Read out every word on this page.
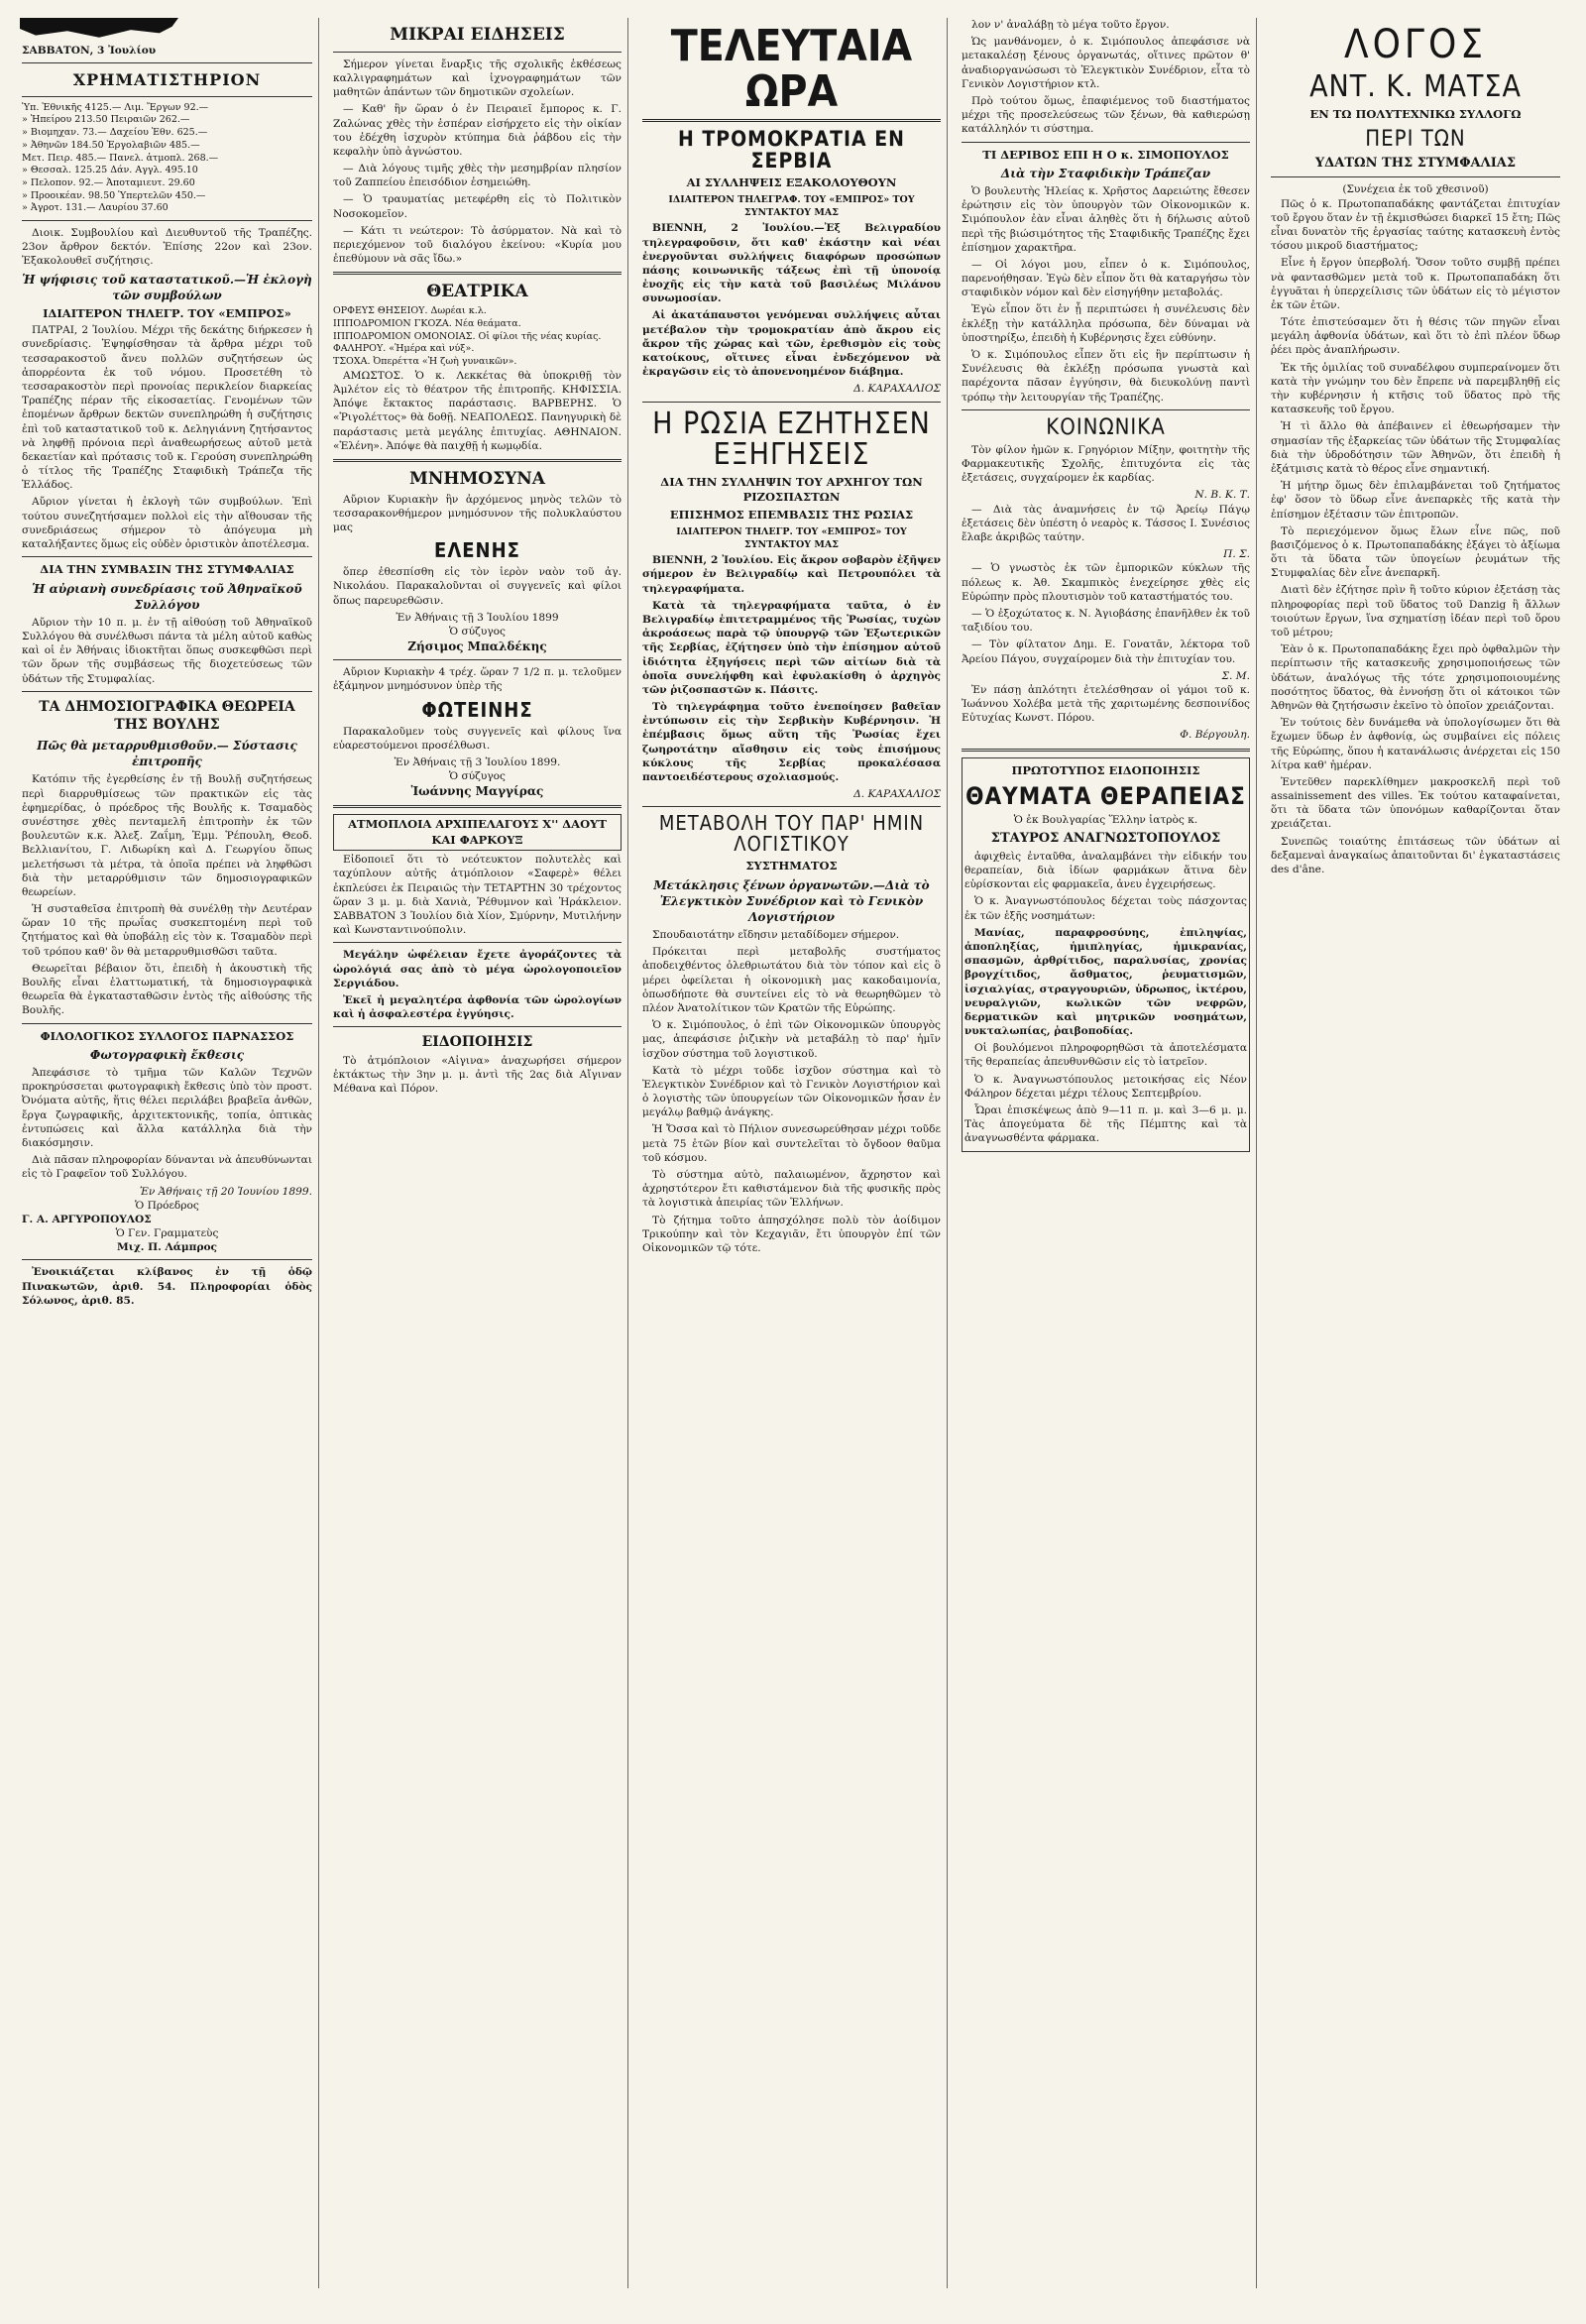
ΣΑΒΒΑΤΟΝ, 3 Ἰουλίου
ΧΡΗΜΑΤΙΣΤΗΡΙΟΝ
Ὑπ. Ἐθνικῆς 4125.— Λιμ. Ἔργων 92.—
» Ἠπείρου 213.50 Πειραιῶν 262.—
» Βιομηχαν. 73.— Δαχείου Ἐθν. 625.—
» Ἀθηνῶν 184.50 Ἐργολαβιῶν 485.—
Μετ. Πειρ. 485.— Πανελ. ἀτμοπλ. 268.—
» Θεσσαλ. 125.25 Δάν. Αγγλ. 495.10
» Πελοπον. 92.— Ἀποταμιευτ. 29.60
» Προοικέαν. 98.50 Ὑπερτελῶν 450.—
» Ἀγροτ. 131.— Λαυρίου 37.60

Διοικ. Συμβουλίου καὶ Διευθυντοῦ τῆς Τραπέζης. 23ον ἄρθρον δεκτόν. Ἐπίσης 22ον καὶ 23ον. Ἐξακολουθεῖ συζήτησις.

Ἡ ψήφισις τοῦ καταστατικοῦ.—Ἡ ἐκλογὴ τῶν συμβούλων
ΙΔΙΑΙΤΕΡΟΝ ΤΗΛΕΓΡ. ΤΟΥ «ΕΜΠΡΟΣ»

ΠΑΤΡΑΙ, 2 Ἰουλίου. Μέχρι τῆς δεκάτης διήρκεσεν ἡ συνεδρίασις. Ἐψηφίσθησαν τὰ ἄρθρα μέχρι τοῦ τεσσαρακοστοῦ ἄνευ πολλῶν συζητήσεων ὡς ἀπορρέοντα ἐκ τοῦ νόμου. Προσετέθη τὸ τεσσαρακοστὸν περὶ προνοίας περικλείον διαρκείας Τραπέζης πέραν τῆς εἰκοσαετίας. Γενομένων τῶν ἐπομένων ἄρθρων δεκτῶν συνεπληρώθη ἡ συζήτησις ἐπὶ τοῦ καταστατικοῦ τοῦ κ. Δεληγιάννη ζητήσαντος νὰ ληφθῇ πρόνοια περὶ ἀναθεωρήσεως αὐτοῦ μετὰ δεκαετίαν καὶ πρότασις τοῦ κ. Γερούση συνεπληρώθη ὁ τίτλος τῆς Τραπέζης Σταφιδικὴ Τράπεζα τῆς Ἑλλάδος.

Αὔριον γίνεται ἡ ἐκλογὴ τῶν συμβούλων. Ἐπὶ τούτου συνεζητήσαμεν πολλοὶ εἰς τὴν αἴθουσαν τῆς συνεδριάσεως σήμερον τὸ ἀπόγευμα μὴ καταλήξαντες ὅμως εἰς οὐδὲν ὁριστικὸν ἀποτέλεσμα.

ΔΙΑ ΤΗΝ ΣΥΜΒΑΣΙΝ ΤΗΣ ΣΤΥΜΦΑΛΙΑΣ
Ἡ αὐριανὴ συνεδρίασις τοῦ Ἀθηναϊκοῦ Συλλόγου

Αὔριον τὴν 10 π. μ. ἐν τῇ αἰθούσῃ τοῦ Ἀθηναϊκοῦ Συλλόγου θὰ συνέλθωσι πάντα τὰ μέλη αὐτοῦ καθὼς καὶ οἱ ἐν Ἀθήναις ἰδιοκτῆται ὅπως συσκεφθῶσι περὶ τῶν ὅρων τῆς συμβάσεως τῆς διοχετεύσεως τῶν ὑδάτων τῆς Στυμφαλίας.

ΤΑ ΔΗΜΟΣΙΟΓΡΑΦΙΚΑ ΘΕΩΡΕΙΑ ΤΗΣ ΒΟΥΛΗΣ
Πῶς θὰ μεταρρυθμισθοῦν.— Σύστασις ἐπιτροπῆς

Κατόπιν τῆς ἐγερθείσης ἐν τῇ Βουλῇ συζητήσεως περὶ διαρρυθμίσεως τῶν πρακτικῶν εἰς τὰς ἐφημερίδας, ὁ πρόεδρος τῆς Βουλῆς κ. Τσαμαδὸς συνέστησε χθὲς πενταμελῆ ἐπιτροπὴν ἐκ τῶν βουλευτῶν κ.κ. Ἀλεξ. Ζαΐμη, Ἐμμ. Ῥέπουλη, Θεοδ. Βελλιανίτου, Γ. Λιδωρίκη καὶ Δ. Γεωργίου ὅπως μελετήσωσι τὰ μέτρα, τὰ ὁποῖα πρέπει νὰ ληφθῶσι διὰ τὴν μεταρρύθμισιν τῶν δημοσιογραφικῶν θεωρείων.

Ἡ συσταθεῖσα ἐπιτροπὴ θὰ συνέλθῃ τὴν Δευτέραν ὥραν 10 τῆς πρωΐας συσκεπτομένη περὶ τοῦ ζητήματος καὶ θὰ ὑποβάλῃ εἰς τὸν κ. Τσαμαδὸν περὶ τοῦ τρόπου καθ' ὃν θὰ μεταρρυθμισθῶσι ταῦτα.

Θεωρεῖται βέβαιον ὅτι, ἐπειδὴ ἡ ἀκουστικὴ τῆς Βουλῆς εἶναι ἐλαττωματική, τὰ δημοσιογραφικὰ θεωρεῖα θὰ ἐγκατασταθῶσιν ἐντὸς τῆς αἰθούσης τῆς Βουλῆς.

ΦΙΛΟΛΟΓΙΚΟΣ ΣΥΛΛΟΓΟΣ ΠΑΡΝΑΣΣΟΣ
Φωτογραφικὴ ἔκθεσις

Ἀπεφάσισε τὸ τμῆμα τῶν Καλῶν Τεχνῶν προκηρύσσεται φωτογραφικὴ ἔκθεσις ὑπὸ τὸν προστ. Ὀνόματα αὐτῆς, ἥτις θέλει περιλάβει βραβεῖα ἀνθῶν, ἔργα ζωγραφικῆς, ἀρχιτεκτονικῆς, τοπία, ὀπτικὰς ἐντυπώσεις καὶ ἄλλα κατάλληλα διὰ τὴν διακόσμησιν.

Διὰ πᾶσαν πληροφορίαν δύνανται νὰ ἀπευθύνωνται εἰς τὸ Γραφεῖον τοῦ Συλλόγου.

Ἐν Ἀθήναις τῇ 20 Ἰουνίου 1899.
Ὁ Πρόεδρος
Γ. Α. ΑΡΓΥΡΟΠΟΥΛΟΣ
Ὁ Γεν. Γραμματεὺς
Μιχ. Π. Λάμπρος

Ἐνοικιάζεται κλίβανος ἐν τῇ ὁδῷ Πινακωτῶν, ἀριθ. 54. Πληροφορίαι ὁδὸς Σόλωνος, ἀριθ. 85.

ΜΙΚΡΑΙ ΕΙΔΗΣΕΙΣ

Σήμερον γίνεται ἔναρξις τῆς σχολικῆς ἐκθέσεως καλλιγραφημάτων καὶ ἰχνογραφημάτων τῶν μαθητῶν ἁπάντων τῶν δημοτικῶν σχολείων.

— Καθ' ἣν ὥραν ὁ ἐν Πειραιεῖ ἔμπορος κ. Γ. Ζαλώνας χθὲς τὴν ἑσπέραν εἰσήρχετο εἰς τὴν οἰκίαν του ἐδέχθη ἰσχυρὸν κτύπημα διὰ ῥάβδου εἰς τὴν κεφαλὴν ὑπὸ ἀγνώστου.

— Διὰ λόγους τιμῆς χθὲς τὴν μεσημβρίαν πλησίον τοῦ Ζαππείου ἐπεισόδιον ἐσημειώθη.

— Ὁ τραυματίας μετεφέρθη εἰς τὸ Πολιτικὸν Νοσοκομεῖον.

— Κάτι τι νεώτερον: Τὸ ἀσύρματον. Νὰ καὶ τὸ περιεχόμενον τοῦ διαλόγου ἐκείνου: «Κυρία μου ἐπεθύμουν νὰ σᾶς ἴδω.»

ΘΕΑΤΡΙΚΑ
ΟΡΦΕΥΣ ΘΗΣΕΙΟΥ. Δωρέαι κ.λ.
ΙΠΠΟΔΡΟΜΙΟΝ ΓΚΟΖΑ. Νέα θεάματα.
ΙΠΠΟΔΡΟΜΙΟΝ ΟΜΟΝΟΙΑΣ. Οἱ φίλοι τῆς νέας κυρίας.
ΦΑΛΗΡΟΥ. «Ἡμέρα καὶ νύξ».
ΤΣΟΧΑ. Ὀπερέττα «Ἡ ζωὴ γυναικῶν».

ΑΜΩΣΤΟΣ. Ὁ κ. Λεκκέτας θὰ ὑποκριθῇ τὸν Ἀμλέτον εἰς τὸ θέατρον τῆς ἐπιτροπῆς. ΚΗΦΙΣΣΙΑ. Ἀπόψε ἔκτακτος παράστασις. ΒΑΡΒΕΡΗΣ. Ὁ «Ῥιγολέττος» θὰ δοθῇ. ΝΕΑΠΟΛΕΩΣ. Πανηγυρικὴ δὲ παράστασις μετὰ μεγάλης ἐπιτυχίας. ΑΘΗΝΑΙΟΝ. «Ἑλένη». Ἀπόψε θὰ παιχθῇ ἡ κωμῳδία.

ΜΝΗΜΟΣΥΝΑ

Αὔριον Κυριακὴν ἣν ἀρχόμενος μηνὸς τελῶν τὸ τεσσαρακονθήμερον μνημόσυνον τῆς πολυκλαύστου μας

ΕΛΕΝΗΣ

ὅπερ ἐθεσπίσθη εἰς τὸν ἱερὸν ναὸν τοῦ ἁγ. Νικολάου. Παρακαλοῦνται οἱ συγγενεῖς καὶ φίλοι ὅπως παρευρεθῶσιν.

Ἐν Ἀθήναις τῇ 3 Ἰουλίου 1899
Ὁ σύζυγος
Ζήσιμος Μπαλδέκης

Αὔριον Κυριακὴν 4 τρέχ. ὥραν 7 1/2 π. μ. τελοῦμεν ἐξάμηνον μνημόσυνον ὑπὲρ τῆς

ΦΩΤΕΙΝΗΣ

Παρακαλοῦμεν τοὺς συγγενεῖς καὶ φίλους ἵνα εὐαρεστούμενοι προσέλθωσι.

Ἐν Ἀθήναις τῇ 3 Ἰουλίου 1899.
Ὁ σύζυγος
Ἰωάννης Μαγγίρας
ΑΤΜΟΠΛΟΙΑ ΑΡΧΙΠΕΛΑΓΟΥΣ Χ'' ΔΑΟΥΤ ΚΑΙ ΦΑΡΚΟΥΞ

Εἰδοποιεῖ ὅτι τὸ νεότευκτον πολυτελὲς καὶ ταχύπλουν αὐτῆς ἀτμόπλοιον «Σαφερὲ» θέλει ἐκπλεύσει ἐκ Πειραιῶς τὴν ΤΕΤΑΡΤΗΝ 30 τρέχοντος ὥραν 3 μ. μ. διὰ Χανιὰ, Ῥέθυμνον καὶ Ἡράκλειον. ΣΑΒΒΑΤΟΝ 3 Ἰουλίου διὰ Χίον, Σμύρνην, Μυτιλήνην καὶ Κωνσταντινούπολιν.

Μεγάλην ὠφέλειαν ἔχετε ἀγοράζοντες τὰ ὡρολόγιά σας ἀπὸ τὸ μέγα ὡρολογοποιεῖον Σεργιάδου.

Ἐκεῖ ἡ μεγαλητέρα ἀφθονία τῶν ὡρολογίων καὶ ἡ ἀσφαλεστέρα ἐγγύησις.

ΕΙΔΟΠΟΙΗΣΙΣ

Τὸ ἀτμόπλοιον «Αἰγινα» ἀναχωρήσει σήμερον ἐκτάκτως τὴν 3ην μ. μ. ἀντὶ τῆς 2ας διὰ Αἴγιναν Μέθανα καὶ Πόρον.

ΤΕΛΕΥΤΑΙΑ ΩΡΑ
Η ΤΡΟΜΟΚΡΑΤΙΑ ΕΝ ΣΕΡΒΙΑ
ΑΙ ΣΥΛΛΗΨΕΙΣ ΕΞΑΚΟΛΟΥΘΟΥΝ
ΙΔΙΑΙΤΕΡΟΝ ΤΗΛΕΓΡΑΦ. ΤΟΥ «ΕΜΠΡΟΣ» ΤΟΥ ΣΥΝΤΑΚΤΟΥ ΜΑΣ

ΒΙΕΝΝΗ, 2 Ἰουλίου.—Ἐξ Βελιγραδίου τηλεγραφοῦσιν, ὅτι καθ' ἑκάστην καὶ νέαι ἐνεργοῦνται συλλήψεις διαφόρων προσώπων πάσης κοινωνικῆς τάξεως ἐπὶ τῇ ὑπονοίᾳ ἐνοχῆς εἰς τὴν κατὰ τοῦ βασιλέως Μιλάνου συνωμοσίαν.

Αἱ ἀκατάπαυστοι γενόμεναι συλλήψεις αὗται μετέβαλον τὴν τρομοκρατίαν ἀπὸ ἄκρου εἰς ἄκρον τῆς χώρας καὶ τῶν, ἐρεθισμὸν εἰς τοὺς κατοίκους, οἵτινες εἶναι ἐνδεχόμενον νὰ ἐκραγῶσιν εἰς τὸ ἀπονενοημένον διάβημα.

Δ. ΚΑΡΑΧΑΛΙΟΣ
Η ΡΩΣΙΑ ΕΖΗΤΗΣΕΝ ΕΞΗΓΗΣΕΙΣ
ΔΙΑ ΤΗΝ ΣΥΛΛΗΨΙΝ ΤΟΥ ΑΡΧΗΓΟΥ ΤΩΝ ΡΙΖΟΣΠΑΣΤΩΝ
ΕΠΙΣΗΜΟΣ ΕΠΕΜΒΑΣΙΣ ΤΗΣ ΡΩΣΙΑΣ
ΙΔΙΑΙΤΕΡΟΝ ΤΗΛΕΓΡ. ΤΟΥ «ΕΜΠΡΟΣ» ΤΟΥ ΣΥΝΤΑΚΤΟΥ ΜΑΣ

ΒΙΕΝΝΗ, 2 Ἰουλίου. Εἰς ἄκρον σοβαρὸν ἐξῆψεν σήμερον ἐν Βελιγραδίῳ καὶ Πετρουπόλει τὰ τηλεγραφήματα.

Κατὰ τὰ τηλεγραφήματα ταῦτα, ὁ ἐν Βελιγραδίῳ ἐπιτετραμμένος τῆς Ῥωσίας, τυχὼν ἀκροάσεως παρὰ τῷ ὑπουργῷ τῶν Ἐξωτερικῶν τῆς Σερβίας, ἐζήτησεν ὑπὸ τὴν ἐπίσημον αὐτοῦ ἰδιότητα ἐξηγήσεις περὶ τῶν αἰτίων διὰ τὰ ὁποῖα συνελήφθη καὶ ἐφυλακίσθη ὁ ἀρχηγὸς τῶν ῥιζοσπαστῶν κ. Πάσιτς.

Τὸ τηλεγράφημα τοῦτο ἐνεποίησεν βαθεῖαν ἐντύπωσιν εἰς τὴν Σερβικὴν Κυβέρνησιν. Ἡ ἐπέμβασις ὅμως αὕτη τῆς Ῥωσίας ἔχει ζωηροτάτην αἴσθησιν εἰς τοὺς ἐπισήμους κύκλους τῆς Σερβίας προκαλέσασα παντοειδέστερους σχολιασμούς.

Δ. ΚΑΡΑΧΑΛΙΟΣ
ΜΕΤΑΒΟΛΗ ΤΟΥ ΠΑΡ' ΗΜΙΝ ΛΟΓΙΣΤΙΚΟΥ
ΣΥΣΤΗΜΑΤΟΣ
Μετάκλησις ξένων ὀργανωτῶν.—Διὰ τὸ Ἐλεγκτικὸν Συνέδριον καὶ τὸ Γενικὸν Λογιστήριον

Σπουδαιοτάτην εἴδησιν μεταδίδομεν σήμερον.

Πρόκειται περὶ μεταβολῆς συστήματος ἀποδειχθέντος ὀλεθριωτάτου διὰ τὸν τόπον καὶ εἰς ὃ μέρει ὀφείλεται ἡ οἰκονομικὴ μας κακοδαιμονία, ὁπωσδήποτε θὰ συντείνει εἰς τὸ νὰ θεωρηθῶμεν τὸ πλέον Ἀνατολίτικον τῶν Κρατῶν τῆς Εὐρώπης.

Ὁ κ. Σιμόπουλος, ὁ ἐπὶ τῶν Οἰκονομικῶν ὑπουργὸς μας, ἀπεφάσισε ῥιζικὴν νὰ μεταβάλῃ τὸ παρ' ἡμῖν ἰσχῦον σύστημα τοῦ λογιστικοῦ.

Κατὰ τὸ μέχρι τοῦδε ἰσχῦον σύστημα καὶ τὸ Ἐλεγκτικὸν Συνέδριον καὶ τὸ Γενικὸν Λογιστήριον καὶ ὁ λογιστὴς τῶν ὑπουργείων τῶν Οἰκονομικῶν ἦσαν ἐν μεγάλῳ βαθμῷ ἀνάγκης.

Ἡ Ὄσσα καὶ τὸ Πήλιον συνεσωρεύθησαν μέχρι τοῦδε μετὰ 75 ἐτῶν βίον καὶ συντελεῖται τὸ ὄγδοον θαῦμα τοῦ κόσμου.

Τὸ σύστημα αὐτὸ, παλαιωμένον, ἄχρηστον καὶ ἀχρηστότερον ἔτι καθιστάμενον διὰ τῆς φυσικῆς πρὸς τὰ λογιστικὰ ἀπειρίας τῶν Ἑλλήνων.

Τὸ ζήτημα τοῦτο ἀπησχόλησε πολὺ τὸν ἀοίδιμον Τρικούπην καὶ τὸν Κεχαγιᾶν, ἔτι ὑπουργὸν ἐπί τῶν Οἰκονομικῶν τῷ τότε.

λον ν' ἀναλάβῃ τὸ μέγα τοῦτο ἔργον.

Ὡς μανθάνομεν, ὁ κ. Σιμόπουλος ἀπεφάσισε νὰ μετακαλέσῃ ξένους ὀργανωτάς, οἵτινες πρῶτον θ' ἀναδιοργανώσωσι τὸ Ἐλεγκτικὸν Συνέδριον, εἶτα τὸ Γενικὸν Λογιστήριον κτλ.

Πρὸ τούτου ὅμως, ἐπαφιέμενος τοῦ διαστήματος μέχρι τῆς προσελεύσεως τῶν ξένων, θὰ καθιερώσῃ κατάλληλόν τι σύστημα.

ΤΙ ΔΕΡΙΒΟΣ ΕΠΙ Η Ο κ. ΣΙΜΟΠΟΥΛΟΣ
Διὰ τὴν Σταφιδικὴν Τράπεζαν

Ὁ βουλευτὴς Ἠλείας κ. Χρῆστος Δαρειώτης ἔθεσεν ἐρώτησιν εἰς τὸν ὑπουργὸν τῶν Οἰκονομικῶν κ. Σιμόπουλον ἐὰν εἶναι ἀληθὲς ὅτι ἡ δήλωσις αὐτοῦ περὶ τῆς βιώσιμότητος τῆς Σταφιδικῆς Τραπέζης ἔχει ἐπίσημον χαρακτῆρα.

— Οἱ λόγοι μου, εἶπεν ὁ κ. Σιμόπουλος, παρενοήθησαν. Ἐγὼ δὲν εἶπον ὅτι θὰ καταργήσω τὸν σταφιδικὸν νόμον καὶ δὲν εἰσηγήθην μεταβολάς.

Ἐγὼ εἶπον ὅτι ἐν ᾗ περιπτώσει ἡ συνέλευσις δὲν ἐκλέξῃ τὴν κατάλληλα πρόσωπα, δὲν δύναμαι νὰ ὑποστηρίξω, ἐπειδὴ ἡ Κυβέρνησις ἔχει εὐθύνην.

Ὁ κ. Σιμόπουλος εἶπεν ὅτι εἰς ἣν περίπτωσιν ἡ Συνέλευσις θὰ ἐκλέξῃ πρόσωπα γνωστὰ καὶ παρέχοντα πᾶσαν ἐγγύησιν, θὰ διευκολύνῃ παντὶ τρόπῳ τὴν λειτουργίαν τῆς Τραπέζης.

ΚΟΙΝΩΝΙΚΑ

Τὸν φίλον ἡμῶν κ. Γρηγόριον Μίξην, φοιτητὴν τῆς Φαρμακευτικῆς Σχολῆς, ἐπιτυχόντα εἰς τὰς ἐξετάσεις, συγχαίρομεν ἐκ καρδίας.

Ν. Β. Κ. Τ.

— Διὰ τὰς ἀναμνήσεις ἐν τῷ Ἀρείῳ Πάγῳ ἐξετάσεις δὲν ὑπέστη ὁ νεαρὸς κ. Τάσσος Ι. Συνέσιος ἔλαβε ἀκριβῶς ταύτην.

Π. Σ.

— Ὁ γνωστὸς ἐκ τῶν ἐμπορικῶν κύκλων τῆς πόλεως κ. Ἀθ. Σκαμπικὸς ἐνεχείρησε χθὲς εἰς Εὐρώπην πρὸς πλουτισμὸν τοῦ καταστήματός του.

— Ὁ ἐξοχώτατος κ. Ν. Ἀγιοβάσης ἐπανῆλθεν ἐκ τοῦ ταξιδίου του.

— Τὸν φίλτατον Δημ. Ε. Γονατᾶν, λέκτορα τοῦ Ἀρείου Πάγου, συγχαίρομεν διὰ τὴν ἐπιτυχίαν του.

Σ. Μ.

Ἐν πάσῃ ἀπλότητι ἐτελέσθησαν οἱ γάμοι τοῦ κ. Ἰωάννου Χολέβα μετὰ τῆς χαριτωμένης δεσποινίδος Εὐτυχίας Κωνστ. Πόρου.

Φ. Βέργουλη.
ΠΡΩΤΟΤΥΠΟΣ ΕΙΔΟΠΟΙΗΣΙΣ
ΘΑΥΜΑΤΑ ΘΕΡΑΠΕΙΑΣ
Ὁ ἐκ Βουλγαρίας Ἕλλην ἰατρὸς κ.
ΣΤΑΥΡΟΣ ΑΝΑΓΝΩΣΤΟΠΟΥΛΟΣ

ἀφιχθεὶς ἐνταῦθα, ἀναλαμβάνει τὴν εἰδικήν του θεραπείαν, διὰ ἰδίων φαρμάκων ἅτινα δὲν εὑρίσκονται εἰς φαρμακεῖα, ἀνευ ἐγχειρήσεως.

Ὁ κ. Ἀναγνωστόπουλος δέχεται τοὺς πάσχοντας ἐκ τῶν ἑξῆς νοσημάτων:

Μανίας, παραφροσύνης, ἐπιληψίας, ἀποπληξίας, ἡμιπληγίας, ἡμικρανίας, σπασμῶν, ἀρθρίτιδος, παραλυσίας, χρονίας βρογχίτιδος, ἄσθματος, ῥευματισμῶν, ἰσχιαλγίας, στραγγουριῶν, ὑδρωπος, ἰκτέρου, νευραλγιῶν, κωλικῶν τῶν νεφρῶν, δερματικῶν καὶ μητρικῶν νοσημάτων, νυκταλωπίας, ῥαιβοποδίας.

Οἱ βουλόμενοι πληροφορηθῶσι τὰ ἀποτελέσματα τῆς θεραπείας ἀπευθυνθῶσιν εἰς τὸ ἰατρεῖον.

Ὁ κ. Ἀναγνωστόπουλος μετοικήσας εἰς Νέον Φάληρον δέχεται μέχρι τέλους Σεπτεμβρίου.

Ὧραι ἐπισκέψεως ἀπὸ 9—11 π. μ. καὶ 3—6 μ. μ. Τὰς ἀπογεύματα δὲ τῆς Πέμπτης καὶ τὰ ἀναγνωσθέντα φάρμακα.

ΛΟΓΟΣ
ΑΝΤ. Κ. ΜΑΤΣΑ
ΕΝ ΤΩ ΠΟΛΥΤΕΧΝΙΚΩ ΣΥΛΛΟΓΩ
ΠΕΡΙ ΤΩΝ
ΥΔΑΤΩΝ ΤΗΣ ΣΤΥΜΦΑΛΙΑΣ
(Συνέχεια ἐκ τοῦ χθεσινοῦ)

Πῶς ὁ κ. Πρωτοπαπαδάκης φαντάζεται ἐπιτυχίαν τοῦ ἔργου ὅταν ἐν τῇ ἐκμισθώσει διαρκεῖ 15 ἔτη; Πῶς εἶναι δυνατὸν τῆς ἐργασίας ταύτης κατασκευὴ ἐντὸς τόσου μικροῦ διαστήματος;

Εἶνε ἡ ἔργον ὑπερβολή. Ὅσον τοῦτο συμβῇ πρέπει νὰ φαντασθῶμεν μετὰ τοῦ κ. Πρωτοπαπαδάκη ὅτι ἐγγυᾶται ἡ ὑπερχείλισις τῶν ὑδάτων εἰς τὸ μέγιστον ἐκ τῶν ἐτῶν.

Τότε ἐπιστεύσαμεν ὅτι ἡ θέσις τῶν πηγῶν εἶναι μεγάλη ἀφθονία ὑδάτων, καὶ ὅτι τὸ ἐπὶ πλέον ὕδωρ ῥέει πρὸς ἀναπλήρωσιν.

Ἐκ τῆς ὁμιλίας τοῦ συναδέλφου συμπεραίνομεν ὅτι κατὰ τὴν γνώμην του δὲν ἔπρεπε νὰ παρεμβληθῇ εἰς τὴν κυβέρνησιν ἡ κτῆσις τοῦ ὕδατος πρὸ τῆς κατασκευῆς τοῦ ἔργου.

Ἡ τὶ ἄλλο θὰ ἀπέβαινεν εἰ ἐθεωρήσαμεν τὴν σημασίαν τῆς ἐξαρκείας τῶν ὑδάτων τῆς Στυμφαλίας διὰ τὴν ὑδροδότησιν τῶν Ἀθηνῶν, ὅτι ἐπειδὴ ἡ ἐξάτμισις κατὰ τὸ θέρος εἶνε σημαντική.

Ἡ μήτηρ ὅμως δὲν ἐπιλαμβάνεται τοῦ ζητήματος ἐφ' ὅσον τὸ ὕδωρ εἶνε ἀνεπαρκὲς τῆς κατὰ τὴν ἐπίσημον ἐξέτασιν τῶν ἐπιτροπῶν.

Τὸ περιεχόμενον ὅμως ἔλων εἶνε πῶς, ποῦ βασιζόμενος ὁ κ. Πρωτοπαπαδάκης ἐξάγει τὸ ἀξίωμα ὅτι τὰ ὕδατα τῶν ὑπογείων ῥευμάτων τῆς Στυμφαλίας δὲν εἶνε ἀνεπαρκῆ.

Διατὶ δὲν ἐζήτησε πρὶν ἢ τοῦτο κύριον ἐξετάσῃ τὰς πληροφορίας περὶ τοῦ ὕδατος τοῦ Danzig ἢ ἄλλων τοιούτων ἔργων, ἵνα σχηματίσῃ ἰδέαν περὶ τοῦ ὅρου τοῦ μέτρου;

Ἐὰν ὁ κ. Πρωτοπαπαδάκης ἔχει πρὸ ὀφθαλμῶν τὴν περίπτωσιν τῆς κατασκευῆς χρησιμοποιήσεως τῶν ὑδάτων, ἀναλόγως τῆς τότε χρησιμοποιουμένης ποσότητος ὕδατος, θὰ ἐννοήσῃ ὅτι οἱ κάτοικοι τῶν Ἀθηνῶν θὰ ζητήσωσιν ἐκεῖνο τὸ ὁποῖον χρειάζονται.

Ἐν τούτοις δὲν δυνάμεθα νὰ ὑπολογίσωμεν ὅτι θὰ ἔχωμεν ὕδωρ ἐν ἀφθονίᾳ, ὡς συμβαίνει εἰς πόλεις τῆς Εὐρώπης, ὅπου ἡ κατανάλωσις ἀνέρχεται εἰς 150 λίτρα καθ' ἡμέραν.

Ἐντεῦθεν παρεκλίθημεν μακροσκελῆ περὶ τοῦ assainissement des villes. Ἐκ τούτου καταφαίνεται, ὅτι τὰ ὕδατα τῶν ὑπονόμων καθαρίζονται ὅταν χρειάζεται.

Συνεπῶς τοιαύτης ἐπιτάσεως τῶν ὑδάτων αἱ δεξαμεναὶ ἀναγκαίως ἀπαιτοῦνται δι' ἐγκαταστάσεις des d'âne.
